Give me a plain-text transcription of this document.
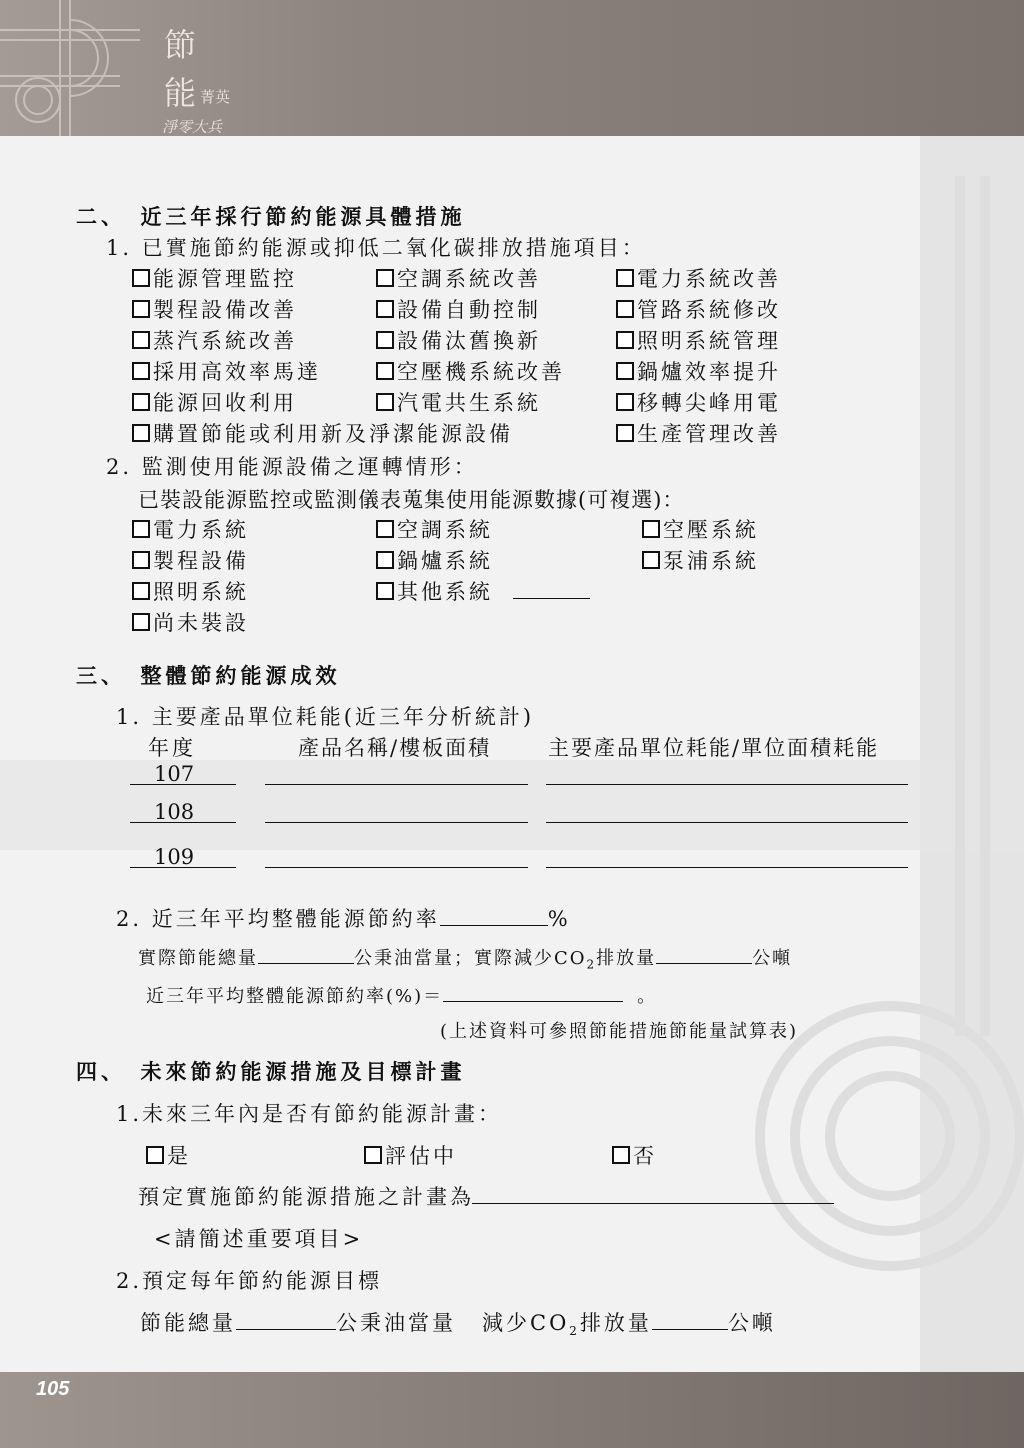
節
能 菁英
淨零大兵
二、　近三年採行節約能源具體措施
1. 已實施節約能源或抑低二氧化碳排放措施項目：
能源管理監控	空調系統改善	電力系統改善
製程設備改善	設備自動控制	管路系統修改
蒸汽系統改善	設備汰舊換新	照明系統管理
採用高效率馬達	空壓機系統改善	鍋爐效率提升
能源回收利用	汽電共生系統	移轉尖峰用電
購置節能或利用新及淨潔能源設備	生產管理改善
2. 監測使用能源設備之運轉情形：
已裝設能源監控或監測儀表蒐集使用能源數據(可複選)：
電力系統	空調系統	空壓系統
製程設備	鍋爐系統	泵浦系統
照明系統	其他系統
尚未裝設
三、　整體節約能源成效
1. 主要產品單位耗能(近三年分析統計)
年度	產品名稱/樓板面積	主要產品單位耗能/單位面積耗能
107
108
109
2. 近三年平均整體能源節約率	%
實際節能總量	公秉油當量；實際減少$CO_2$排放量	公噸
近三年平均整體能源節約率(%)＝	。
(上述資料可參照節能措施節能量試算表)
四、　未來節約能源措施及目標計畫
1.未來三年內是否有節約能源計畫：
是	評估中	否
預定實施節約能源措施之計畫為
<請簡述重要項目>
2.預定每年節約能源目標
節能總量	公秉油當量 減少$CO_2$排放量	公噸
105
